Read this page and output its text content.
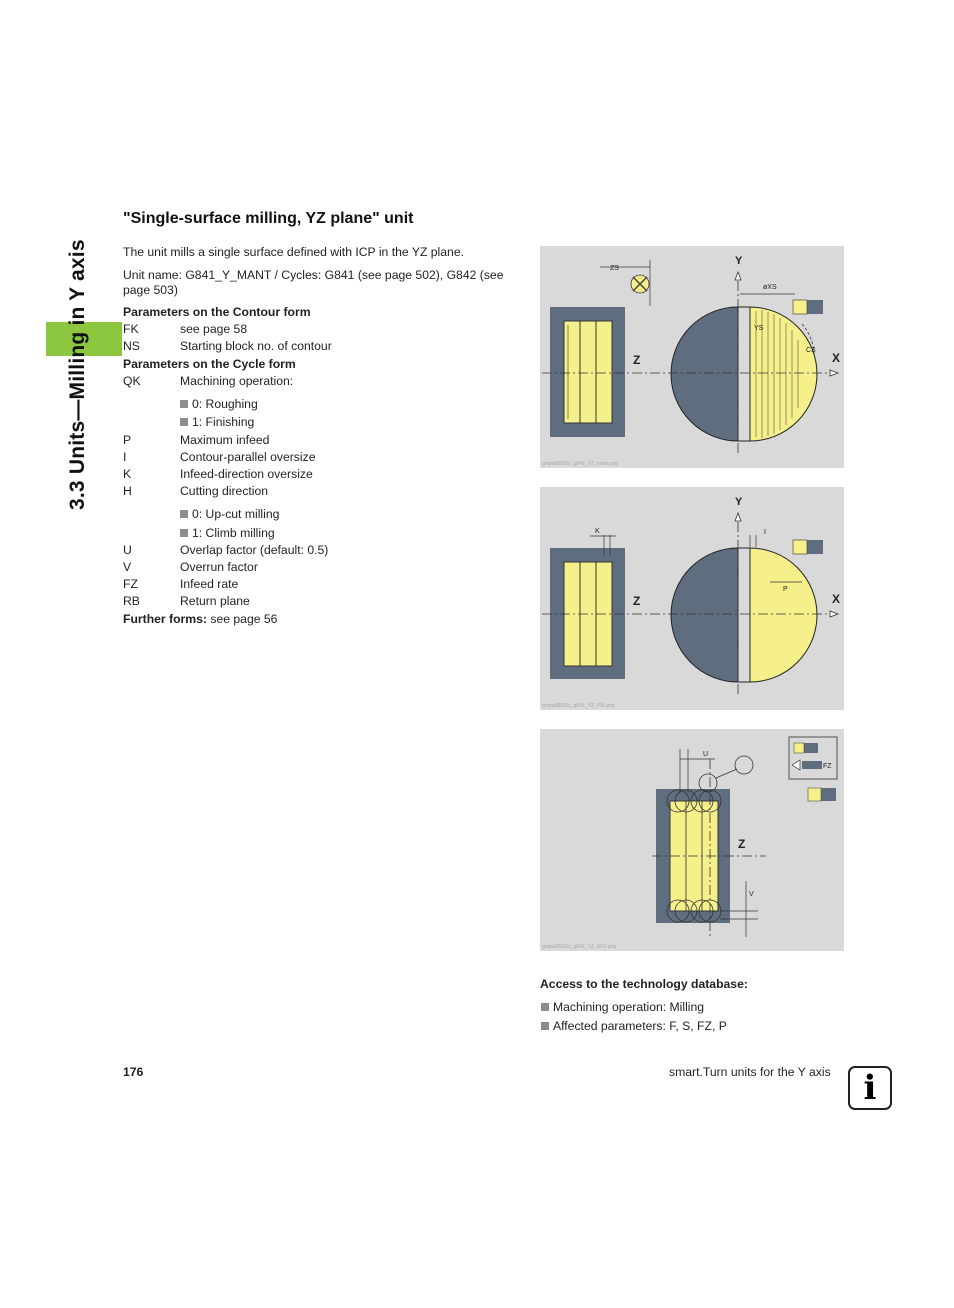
3.3 Units—Milling in Y axis
"Single-surface milling, YZ plane" unit
The unit mills a single surface defined with ICP in the YZ plane.
Unit name: G841_Y_MANT / Cycles: G841 (see page 502), G842 (see page 503)
Parameters on the Contour form
FK	see page 58
NS	Starting block no. of contour
Parameters on the Cycle form
QK	Machining operation:
0: Roughing
1: Finishing
P	Maximum infeed
I	Contour-parallel oversize
K	Infeed-direction oversize
H	Cutting direction
0: Up-cut milling
1: Climb milling
U	Overlap factor (default: 0.5)
V	Overrun factor
FZ	Infeed rate
RB	Return plane
Further forms: see page 56
Y
Z	X
ZS
øXS
YS
CS
gmpa08001c_g841_YZ_mant.png
Y
Z	X
K	I
P
gmpa08001c_g841_YZ_PIK.png
U
Z
V
FZ
gmpa08001c_g841_YZ_UFV.png
Access to the technology database:
Machining operation: Milling
Affected parameters: F, S, FZ, P
176	smart.Turn units for the Y axis i
